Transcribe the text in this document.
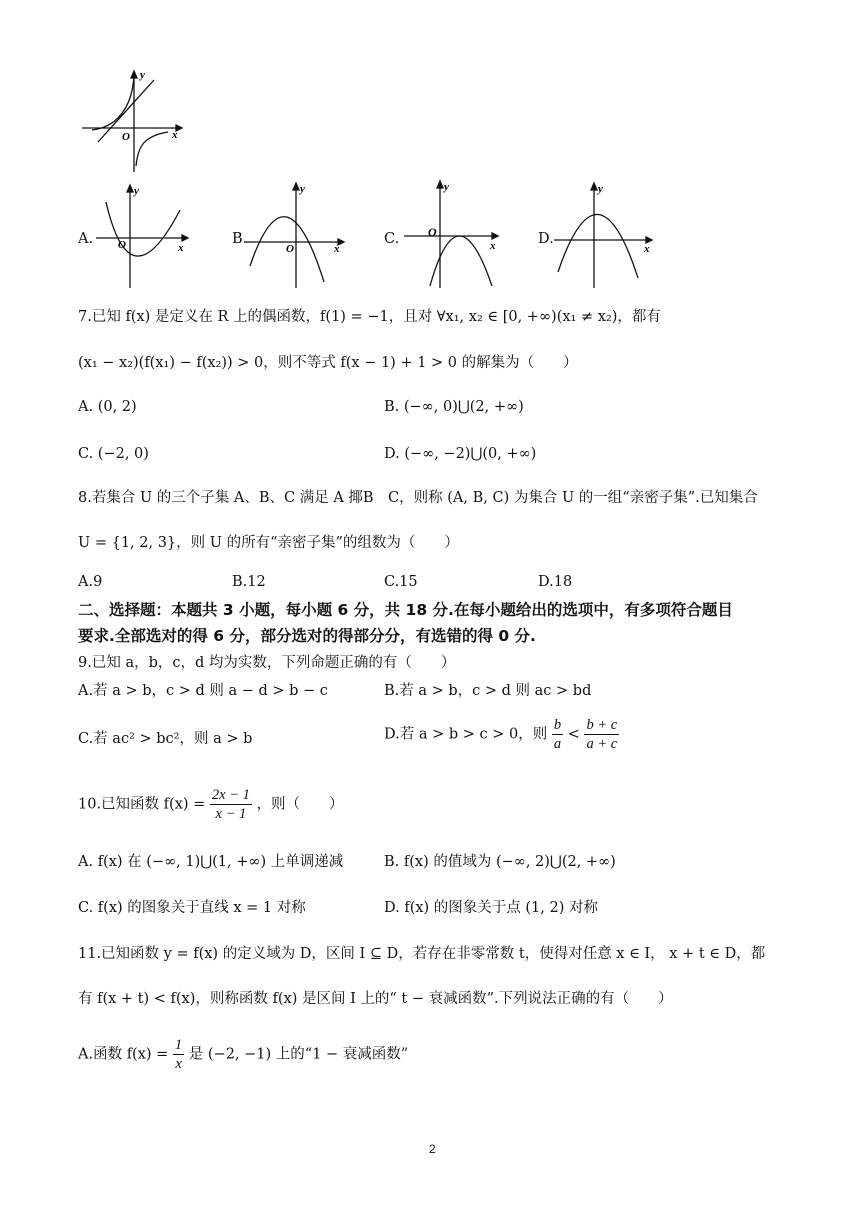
y
x
O
A.
y
x
O	B.
y
x
O
C.
y
x
O	D.
y
x
7.已知 f(x) 是定义在 R 上的偶函数，f(1) = −1，且对 ∀x₁, x₂ ∈ [0, +∞)(x₁ ≠ x₂)，都有
(x₁ − x₂)(f(x₁) − f(x₂)) > 0，则不等式 f(x − 1) + 1 > 0 的解集为（　　）
A. (0, 2)	B. (−∞, 0)⋃(2, +∞)
C. (−2, 0)	D. (−∞, −2)⋃(0, +∞)
8.若集合 U 的三个子集 A、B、C 满足 A 揶B　C，则称 (A, B, C) 为集合 U 的一组“亲密子集”.已知集合
U = {1, 2, 3}，则 U 的所有“亲密子集”的组数为（　　）
A.9	B.12	C.15	D.18
二、选择题：本题共 3 小题，每小题 6 分，共 18 分.在每小题给出的选项中，有多项符合题目
要求.全部选对的得 6 分，部分选对的得部分分，有选错的得 0 分.
9.已知 a，b，c，d 均为实数，下列命题正确的有（　　）
A.若 a > b，c > d 则 a − d > b − c	B.若 a > b，c > d 则 ac > bd
C.若 ac² > bc²，则 a > b	D.若 a > b > c > 0，则 $\frac{b}{a} < \frac{b + c}{a + c}$
10.已知函数 $f(x) = \frac{2x - 1}{x - 1}$ ，则（　　）
A. f(x) 在 (−∞, 1)⋃(1, +∞) 上单调递减	B. f(x) 的值域为 (−∞, 2)⋃(2, +∞)
C. f(x) 的图象关于直线 x = 1 对称	D. f(x) 的图象关于点 (1, 2) 对称
11.已知函数 y = f(x) 的定义域为 D，区间 I ⊆ D，若存在非零常数 t，使得对任意 x ∈ I， x + t ∈ D，都
有 f(x + t) < f(x)，则称函数 f(x) 是区间 I 上的“ t − 衰减函数”.下列说法正确的有（　　）
A.函数 $f(x) = \frac{1}{x}$ 是 (−2, −1) 上的“1 − 衰减函数”
2
